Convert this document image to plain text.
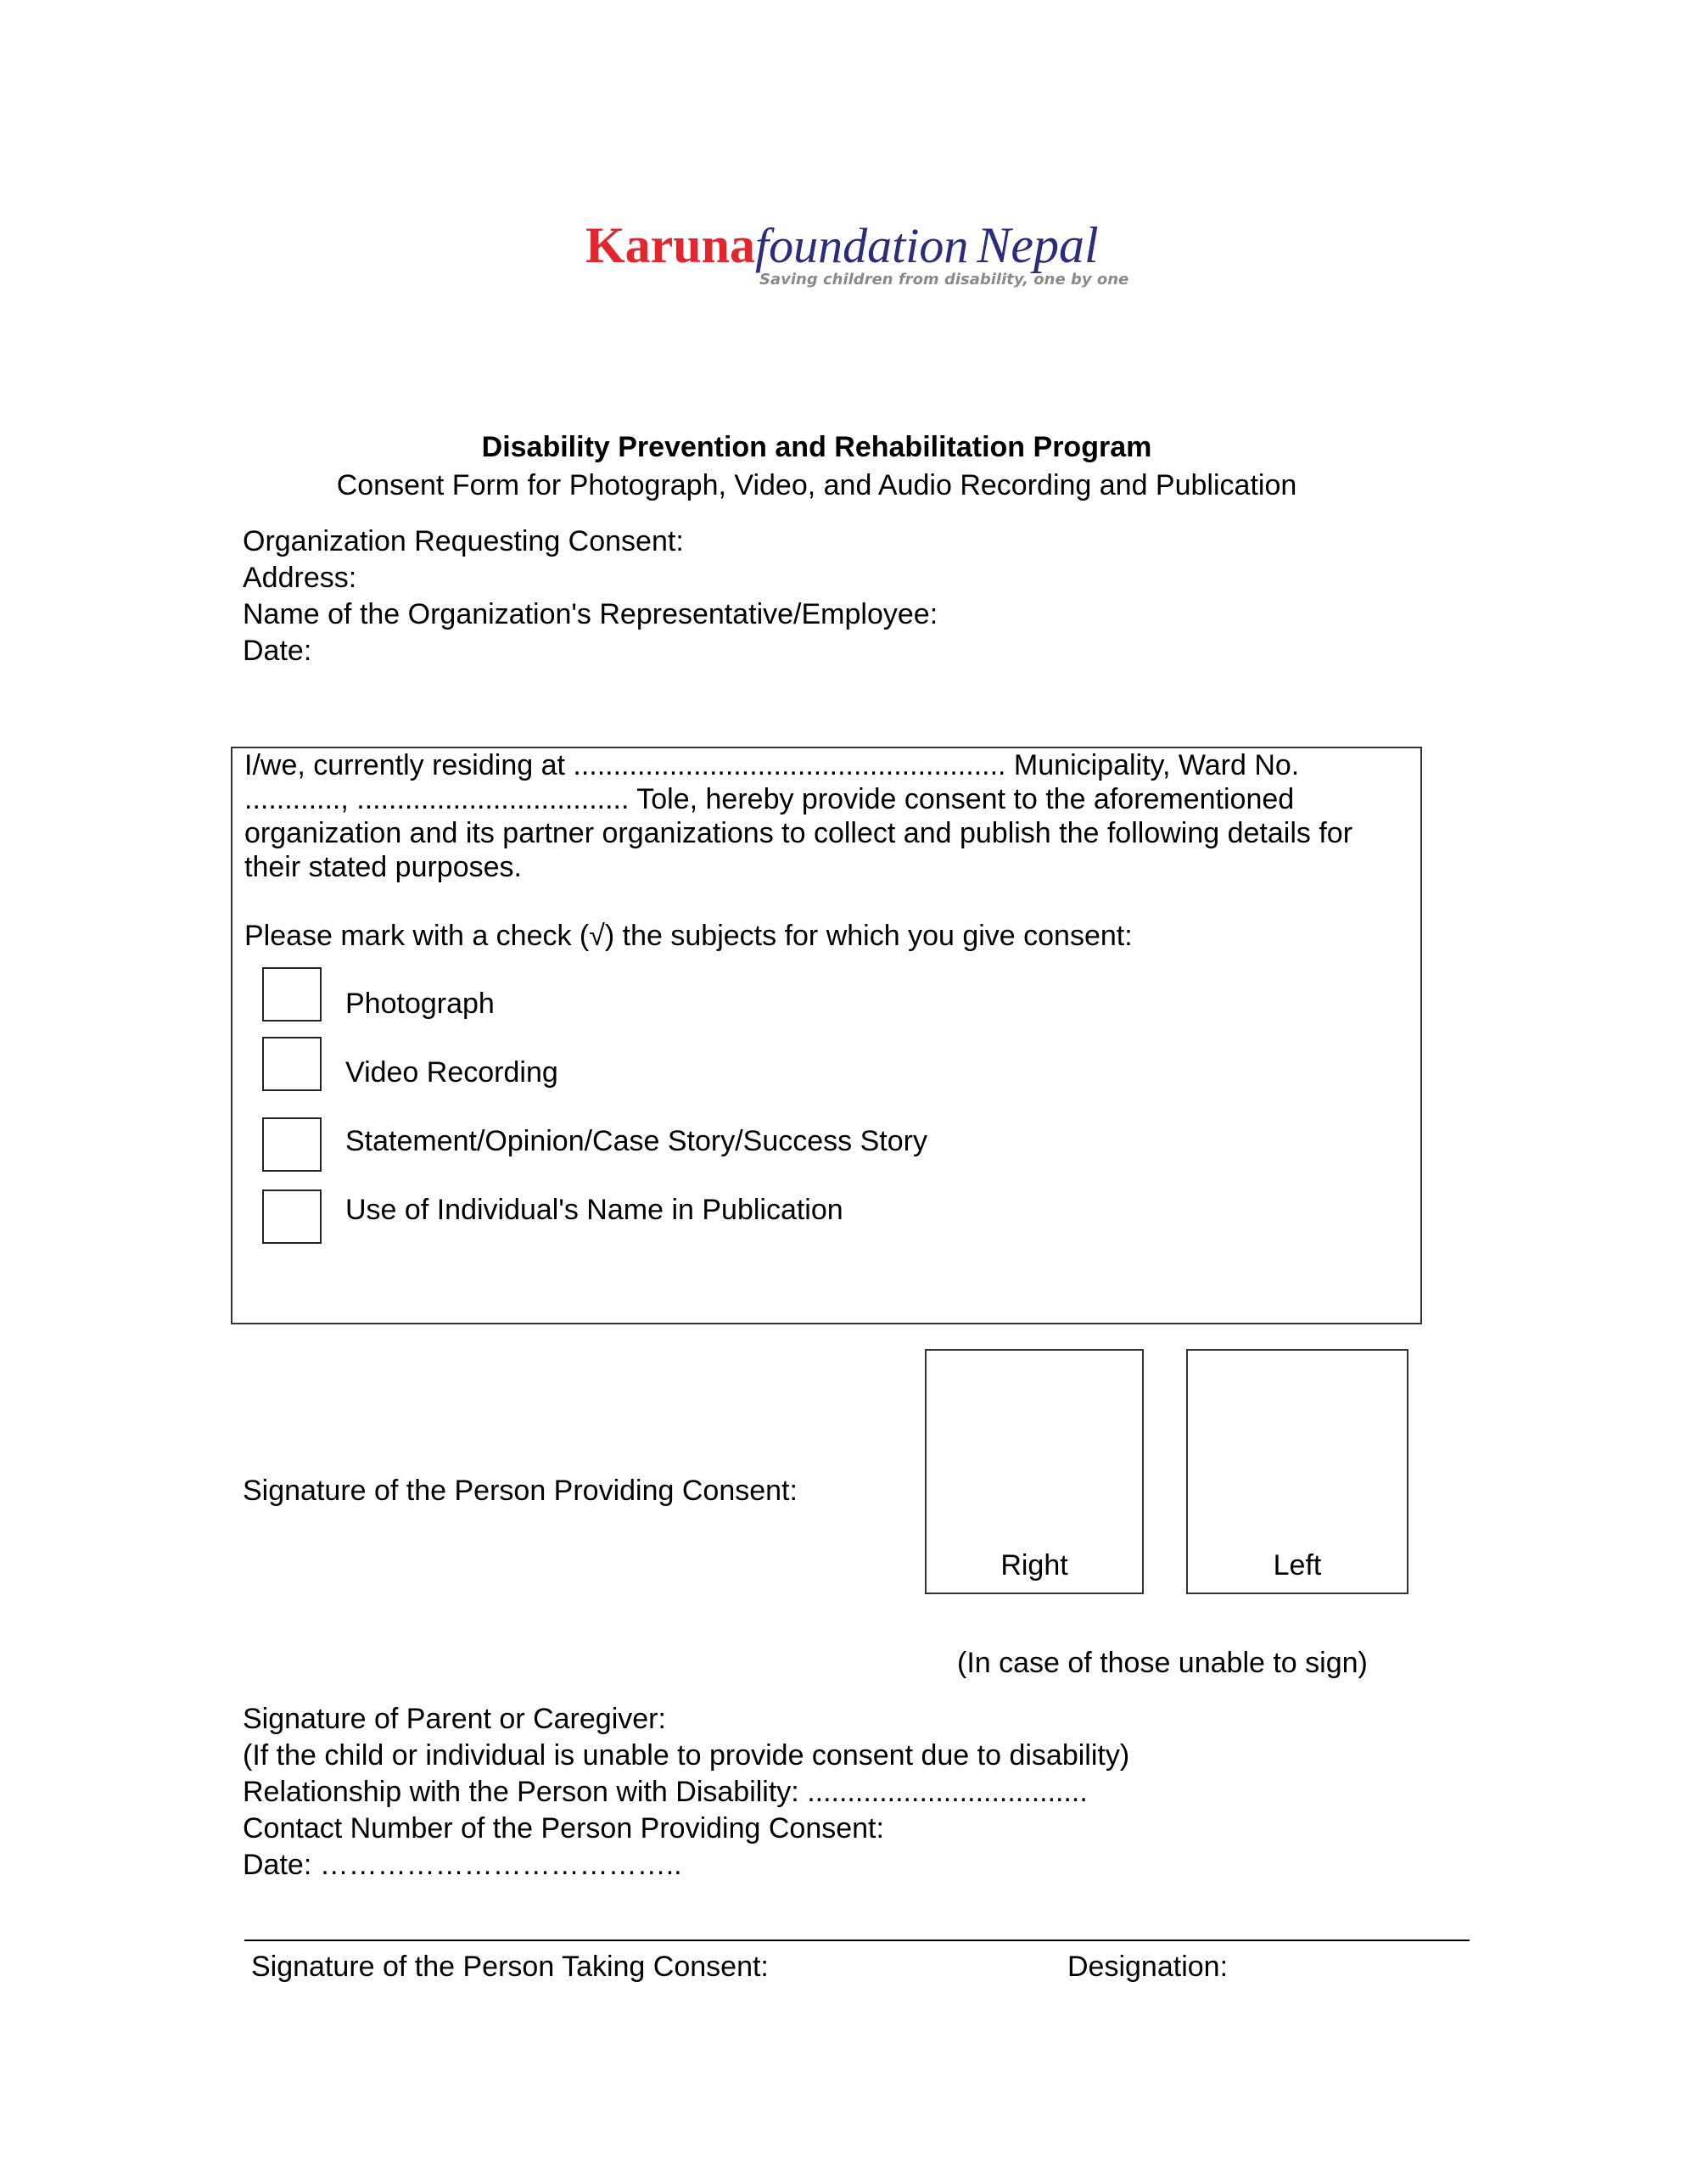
Karunafoundation Nepal
Saving children from disability, one by one
Disability Prevention and Rehabilitation Program
Consent Form for Photograph, Video, and Audio Recording and Publication
Organization Requesting Consent:
Address:
Name of the Organization's Representative/Employee:
Date:
I/we, currently residing at ...................................................... Municipality, Ward No.
............, .................................. Tole, hereby provide consent to the aforementioned
organization and its partner organizations to collect and publish the following details for
their stated purposes.
Please mark with a check (√) the subjects for which you give consent:
Photograph
Video Recording
Statement/Opinion/Case Story/Success Story
Use of Individual's Name in Publication
Signature of the Person Providing Consent:
Right	Left
(In case of those unable to sign)
Signature of Parent or Caregiver:
(If the child or individual is unable to provide consent due to disability)
Relationship with the Person with Disability: ...................................
Contact Number of the Person Providing Consent:
Date: ………………………………..
Signature of the Person Taking Consent:	Designation:
